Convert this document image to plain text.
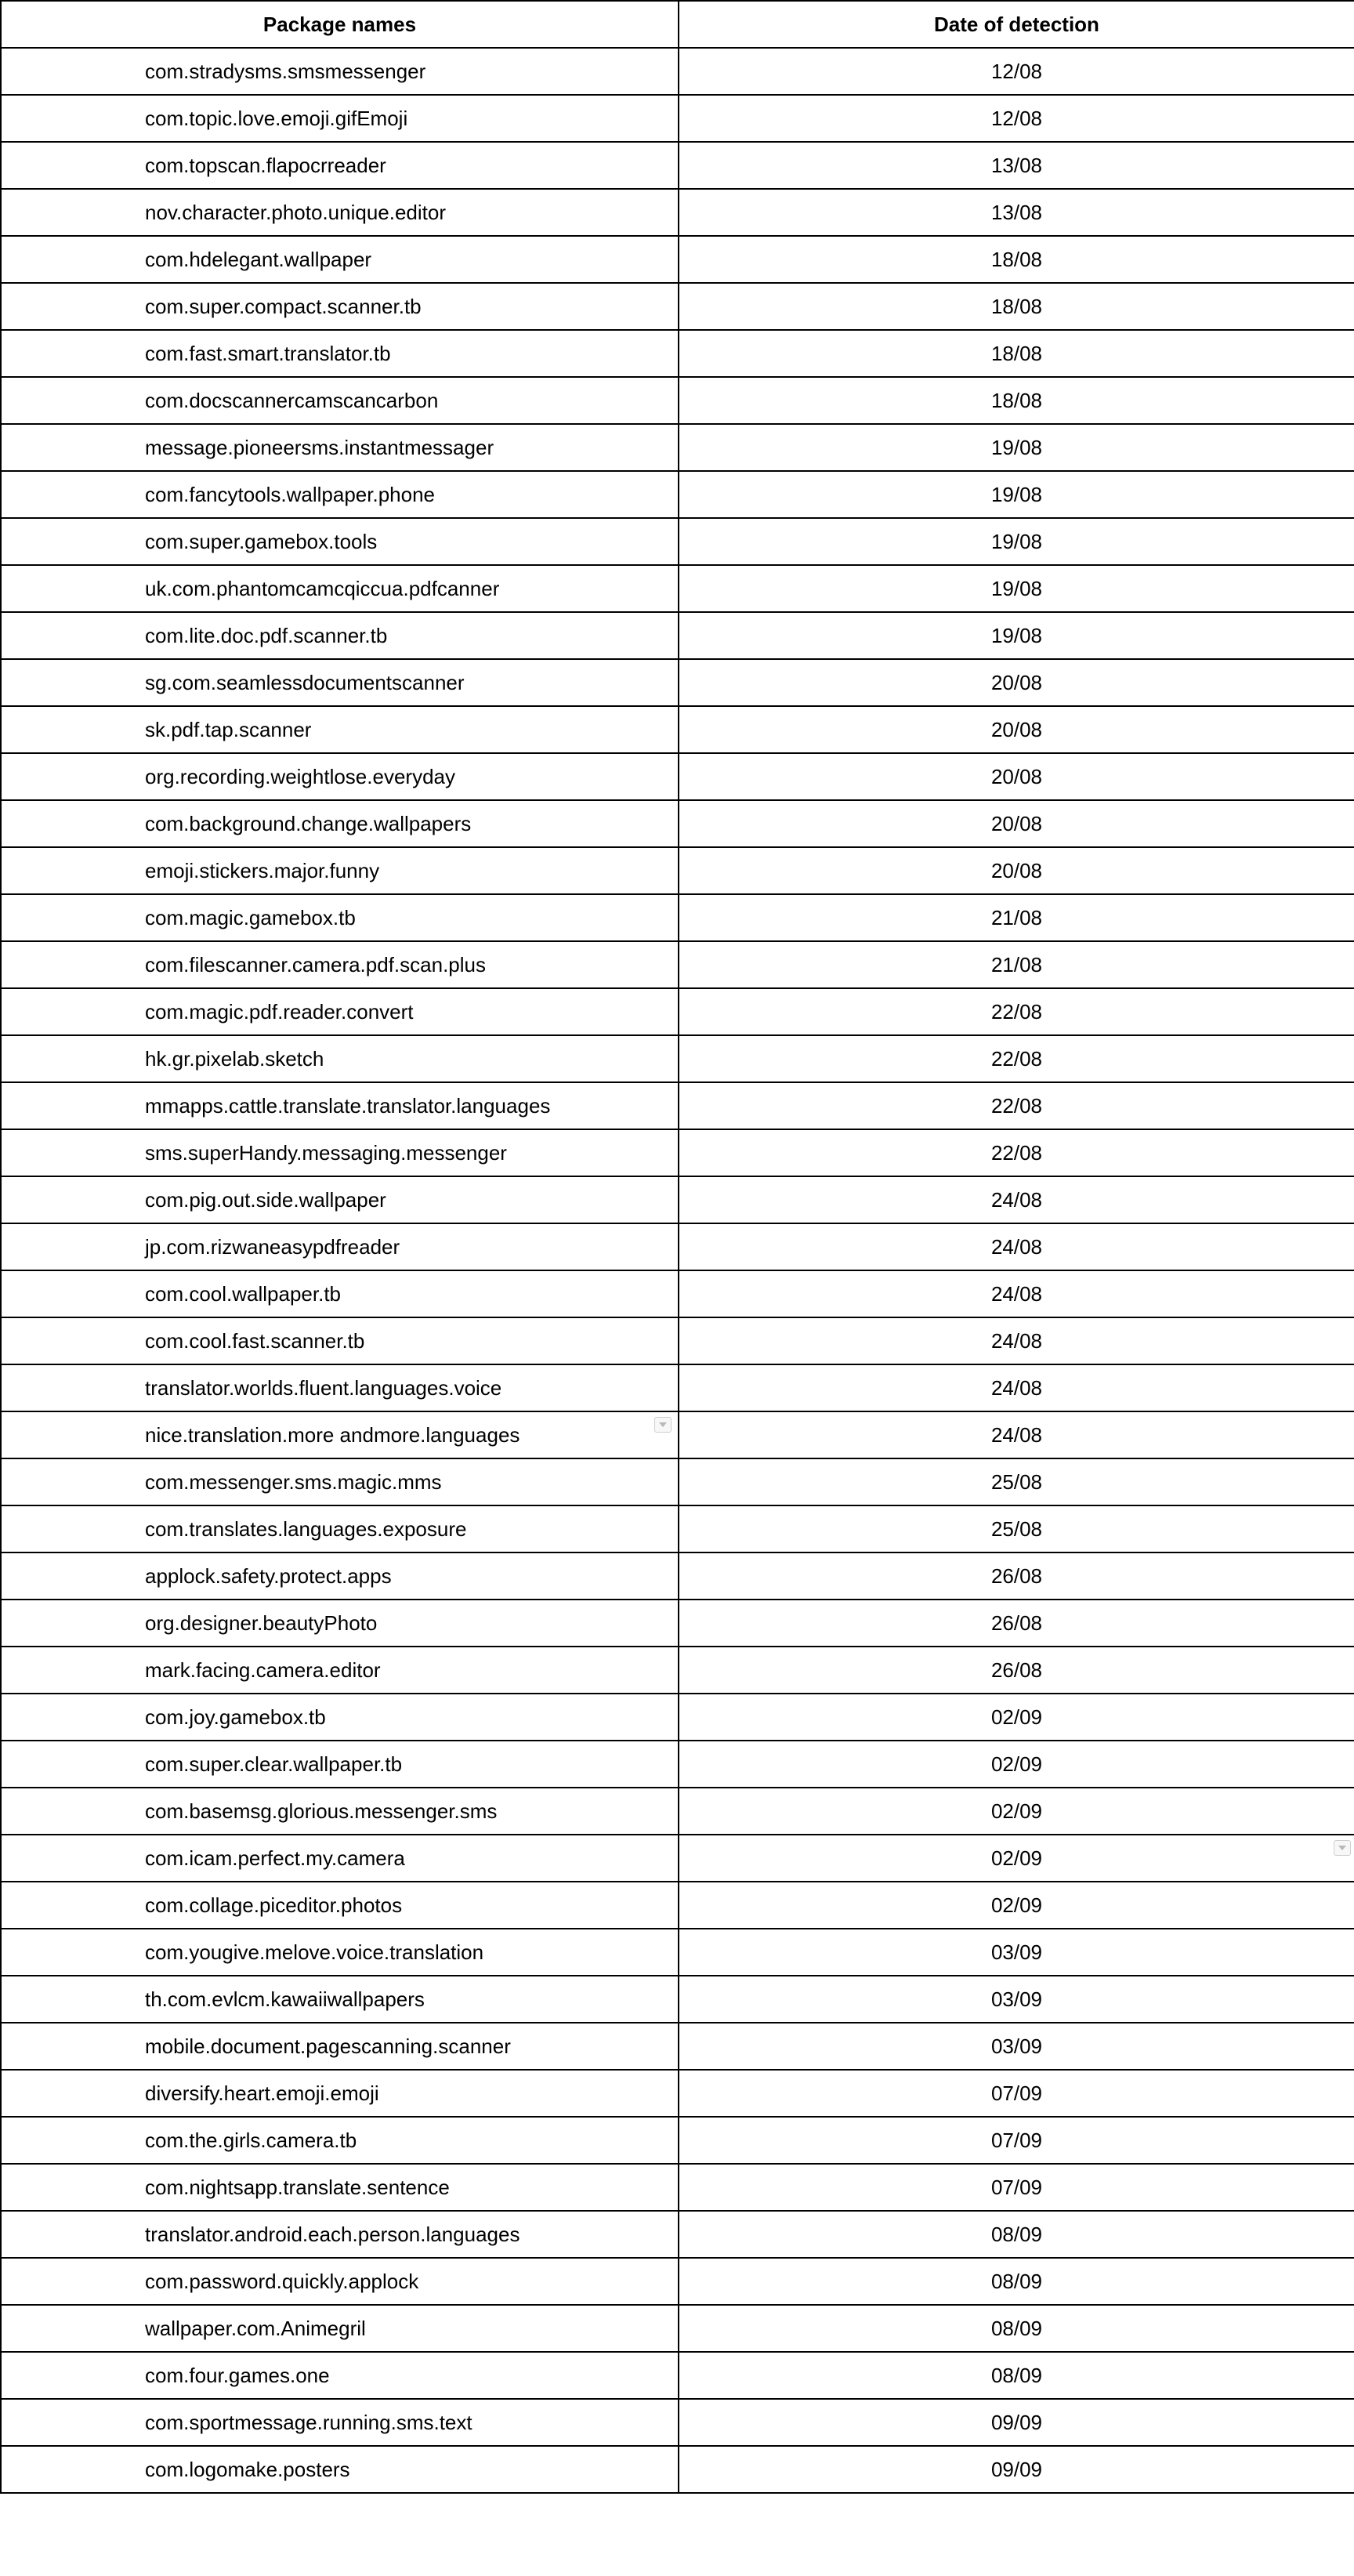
Package names	Date of detection
com.stradysms.smsmessenger	12/08
com.topic.love.emoji.gifEmoji	12/08
com.topscan.flapocrreader	13/08
nov.character.photo.unique.editor	13/08
com.hdelegant.wallpaper	18/08
com.super.compact.scanner.tb	18/08
com.fast.smart.translator.tb	18/08
com.docscannercamscancarbon	18/08
message.pioneersms.instantmessager	19/08
com.fancytools.wallpaper.phone	19/08
com.super.gamebox.tools	19/08
uk.com.phantomcamcqiccua.pdfcanner	19/08
com.lite.doc.pdf.scanner.tb	19/08
sg.com.seamlessdocumentscanner	20/08
sk.pdf.tap.scanner	20/08
org.recording.weightlose.everyday	20/08
com.background.change.wallpapers	20/08
emoji.stickers.major.funny	20/08
com.magic.gamebox.tb	21/08
com.filescanner.camera.pdf.scan.plus	21/08
com.magic.pdf.reader.convert	22/08
hk.gr.pixelab.sketch	22/08
mmapps.cattle.translate.translator.languages	22/08
sms.superHandy.messaging.messenger	22/08
com.pig.out.side.wallpaper	24/08
jp.com.rizwaneasypdfreader	24/08
com.cool.wallpaper.tb	24/08
com.cool.fast.scanner.tb	24/08
translator.worlds.fluent.languages.voice	24/08
nice.translation.more andmore.languages	24/08
com.messenger.sms.magic.mms	25/08
com.translates.languages.exposure	25/08
applock.safety.protect.apps	26/08
org.designer.beautyPhoto	26/08
mark.facing.camera.editor	26/08
com.joy.gamebox.tb	02/09
com.super.clear.wallpaper.tb	02/09
com.basemsg.glorious.messenger.sms	02/09
com.icam.perfect.my.camera	02/09

com.collage.piceditor.photos	02/09
com.yougive.melove.voice.translation	03/09
th.com.evlcm.kawaiiwallpapers	03/09
mobile.document.pagescanning.scanner	03/09
diversify.heart.emoji.emoji	07/09
com.the.girls.camera.tb	07/09
com.nightsapp.translate.sentence	07/09
translator.android.each.person.languages	08/09
com.password.quickly.applock	08/09
wallpaper.com.Animegril	08/09
com.four.games.one	08/09
com.sportmessage.running.sms.text	09/09
com.logomake.posters	09/09
